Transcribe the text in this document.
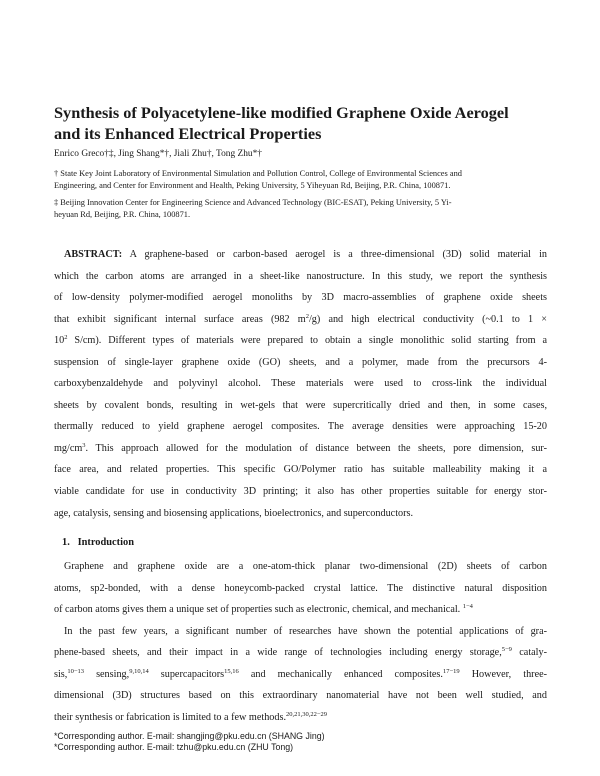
Synthesis of Polyacetylene-like modified Graphene Oxide Aerogel
and its Enhanced Electrical Properties
Enrico Greco†‡, Jing Shang*†, Jiali Zhu†, Tong Zhu*†
† State Key Joint Laboratory of Environmental Simulation and Pollution Control, College of Environmental Sciences and
Engineering, and Center for Environment and Health, Peking University, 5 Yiheyuan Rd, Beijing, P.R. China, 100871.
‡ Beijing Innovation Center for Engineering Science and Advanced Technology (BIC-ESAT), Peking University, 5 Yi-
heyuan Rd, Beijing, P.R. China, 100871.
ABSTRACT: A graphene-based or carbon-based aerogel is a three-dimensional (3D) solid material in
which the carbon atoms are arranged in a sheet-like nanostructure. In this study, we report the synthesis
of low-density polymer-modified aerogel monoliths by 3D macro-assemblies of graphene oxide sheets
that exhibit significant internal surface areas (982 $m^2/g$) and high electrical conductivity (~0.1 to 1 ×
$10^2$ S/cm). Different types of materials were prepared to obtain a single monolithic solid starting from a
suspension of single-layer graphene oxide (GO) sheets, and a polymer, made from the precursors 4-
carboxybenzaldehyde and polyvinyl alcohol. These materials were used to cross-link the individual
sheets by covalent bonds, resulting in wet-gels that were supercritically dried and then, in some cases,
thermally reduced to yield graphene aerogel composites. The average densities were approaching 15-20
$mg/cm^3$. This approach allowed for the modulation of distance between the sheets, pore dimension, sur-
face area, and related properties. This specific GO/Polymer ratio has suitable malleability making it a
viable candidate for use in conductivity 3D printing; it also has other properties suitable for energy stor-
age, catalysis, sensing and biosensing applications, bioelectronics, and superconductors.
1. Introduction
Graphene and graphene oxide are a one-atom-thick planar two-dimensional (2D) sheets of carbon
atoms, sp2-bonded, with a dense honeycomb-packed crystal lattice. The distinctive natural disposition
of carbon atoms gives them a unique set of properties such as electronic, chemical, and mechanical. $^{1-4}$
In the past few years, a significant number of researches have shown the potential applications of gra-
phene-based sheets, and their impact in a wide range of technologies including energy storage,$^{5-9}$ cataly-
sis,$^{10-13}$ sensing,$^{9,10,14}$ supercapacitors$^{15,16}$ and mechanically enhanced composites.$^{17-19}$ However, three-
dimensional (3D) structures based on this extraordinary nanomaterial have not been well studied, and
their synthesis or fabrication is limited to a few methods.$^{20,21,30,22-29}$
*Corresponding author. E-mail: shangjing@pku.edu.cn (SHANG Jing)
*Corresponding author. E-mail: tzhu@pku.edu.cn (ZHU Tong)
